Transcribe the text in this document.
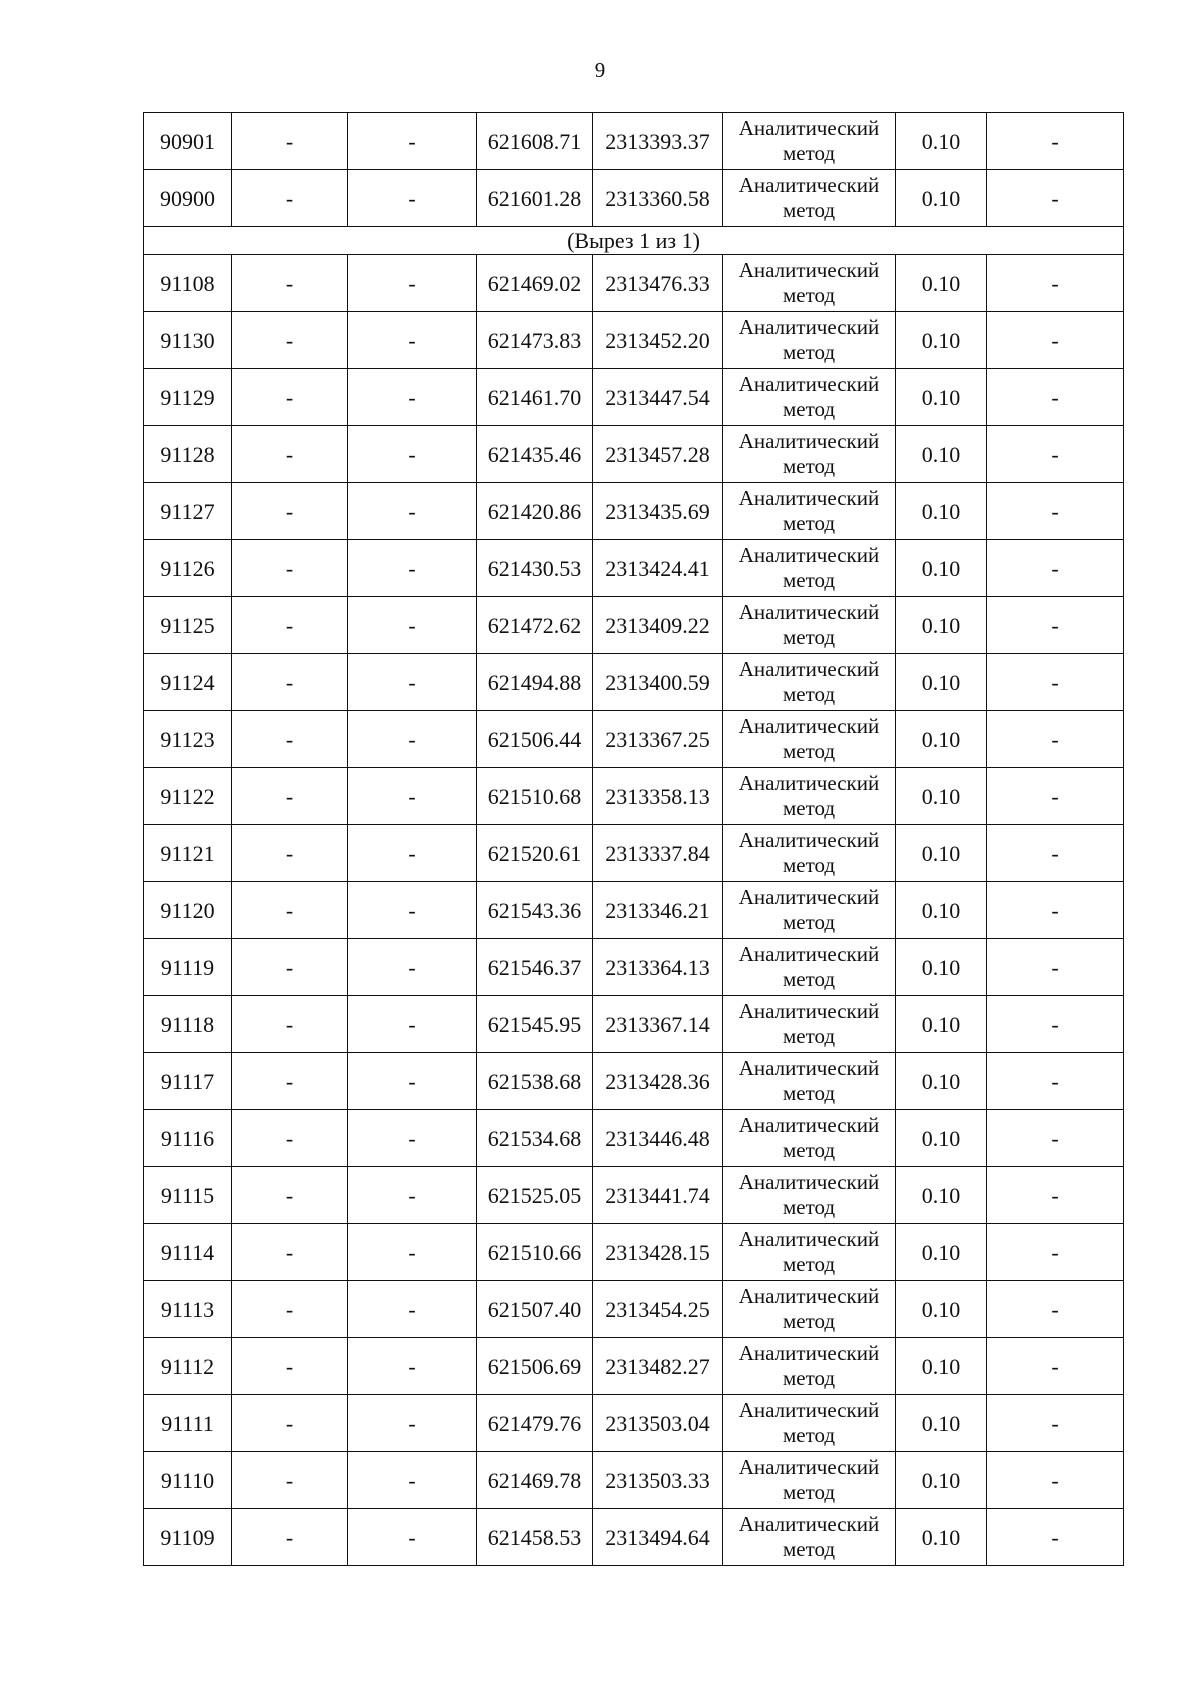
9
90901	-	-	621608.71	2313393.37	Аналитический метод	0.10	-
90900	-	-	621601.28	2313360.58	Аналитический метод	0.10	-
(Вырез 1 из 1)							
91108	-	-	621469.02	2313476.33	Аналитический метод	0.10	-
91130	-	-	621473.83	2313452.20	Аналитический метод	0.10	-
91129	-	-	621461.70	2313447.54	Аналитический метод	0.10	-
91128	-	-	621435.46	2313457.28	Аналитический метод	0.10	-
91127	-	-	621420.86	2313435.69	Аналитический метод	0.10	-
91126	-	-	621430.53	2313424.41	Аналитический метод	0.10	-
91125	-	-	621472.62	2313409.22	Аналитический метод	0.10	-
91124	-	-	621494.88	2313400.59	Аналитический метод	0.10	-
91123	-	-	621506.44	2313367.25	Аналитический метод	0.10	-
91122	-	-	621510.68	2313358.13	Аналитический метод	0.10	-
91121	-	-	621520.61	2313337.84	Аналитический метод	0.10	-
91120	-	-	621543.36	2313346.21	Аналитический метод	0.10	-
91119	-	-	621546.37	2313364.13	Аналитический метод	0.10	-
91118	-	-	621545.95	2313367.14	Аналитический метод	0.10	-
91117	-	-	621538.68	2313428.36	Аналитический метод	0.10	-
91116	-	-	621534.68	2313446.48	Аналитический метод	0.10	-
91115	-	-	621525.05	2313441.74	Аналитический метод	0.10	-
91114	-	-	621510.66	2313428.15	Аналитический метод	0.10	-
91113	-	-	621507.40	2313454.25	Аналитический метод	0.10	-
91112	-	-	621506.69	2313482.27	Аналитический метод	0.10	-
91111	-	-	621479.76	2313503.04	Аналитический метод	0.10	-
91110	-	-	621469.78	2313503.33	Аналитический метод	0.10	-
91109	-	-	621458.53	2313494.64	Аналитический метод	0.10	-
